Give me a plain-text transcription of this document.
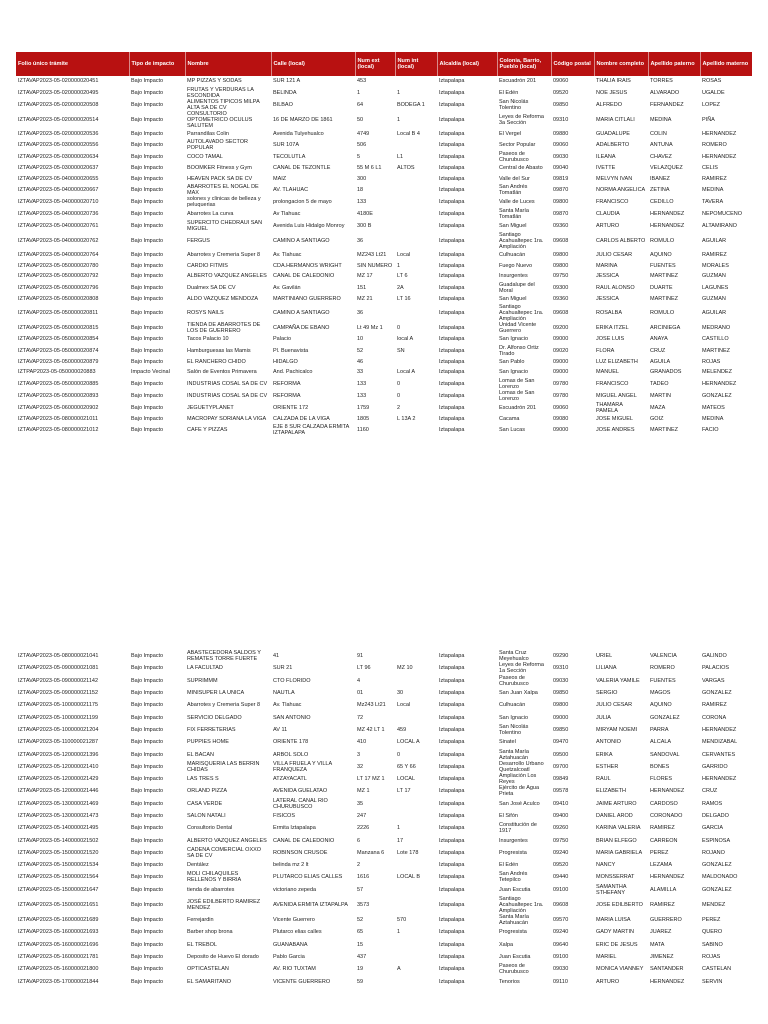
Folio único trámite	Tipo de impacto	Nombre	Calle (local)	Num ext (local)	Num int (local)	Alcaldía (local)	Colonia, Barrio, Pueblo (local)	Código postal	Nombre completo	Apellido paterno	Apellido materno
IZTAVAP2023-05-020000020451	Bajo Impacto	MP PIZZAS Y SODAS	SUR 121 A	453		Iztapalapa	Escuadrón 201	09060	THALIA IRAIS	TORRES	ROSAS
IZTAVAP2023-05-020000020495	Bajo Impacto	FRUTAS Y VERDURAS LA ESCONDIDA	BELINDA	1	1	Iztapalapa	El Edén	09520	NOE JESUS	ALVARADO	UGALDE
IZTAVAP2023-05-020000020508	Bajo Impacto	ALIMENTOS TIPICOS MILPA ALTA SA DE CV	BILBAO	64	BODEGA 1	Iztapalapa	San Nicolás Tolentino	09850	ALFREDO	FERNANDEZ	LOPEZ
IZTAVAP2023-05-020000020514	Bajo Impacto	CONSULTORIO OPTOMETRICO OCULUS SALUTEM	16 DE MARZO DE 1861	50	1	Iztapalapa	Leyes de Reforma 3a Sección	09310	MARIA CITLALI	MEDINA	PIÑA
IZTAVAP2023-05-020000020536	Bajo Impacto	Parrandilas Colin	Avenida Tulyehualco	4749	Local B 4	Iztapalapa	El Vergel	09880	GUADALUPE	COLIN	HERNANDEZ
IZTAVAP2023-05-030000020556	Bajo Impacto	AUTOLAVADO SECTOR POPULAR	SUR 107A	506		Iztapalapa	Sector Popular	09060	ADALBERTO	ANTUNA	ROMERO
IZTAVAP2023-05-030000020634	Bajo Impacto	COCO TAMAL	TECOLUTLA	5	L1	Iztapalapa	Paseos de Churubusco	09030	ILEANA	CHAVEZ	HERNANDEZ
IZTAVAP2023-05-030000020637	Bajo Impacto	BOOMKER Fitness y Gym	CANAL DE TEZONTLE	55 M 6 L1	ALTOS	Iztapalapa	Central de Abasto	09040	IVETTE	VELAZQUEZ	CELIS
IZTAVAP2023-05-040000020655	Bajo Impacto	HEAVEN PACK SA DE CV	MAIZ	300		Iztapalapa	Valle del Sur	09819	MELVYN IVAN	IBANEZ	RAMIREZ
IZTAVAP2023-05-040000020667	Bajo Impacto	ABARROTES EL NOGAL DE MAX	AV. TLAHUAC	18		Iztapalapa	San Andrés Tomatlán	09870	NORMA ANGELICA	ZETINA	MEDINA
IZTAVAP2023-05-040000020710	Bajo Impacto	solones y clinicas de belleza y peluquerias	prolongacion 5 de mayo	133		Iztapalapa	Valle de Luces	09800	FRANCISCO	CEDILLO	TAVERA
IZTAVAP2023-05-040000020736	Bajo Impacto	Abarrotes La curva	Av Tlahuac	4180E		Iztapalapa	Santa María Tomatlán	09870	CLAUDIA	HERNANDEZ	NEPOMUCENO
IZTAVAP2023-05-040000020761	Bajo Impacto	SUPERCITO CHEDRAUI SAN MIGUEL	Avenida Luis Hidalgo Monroy	300 B		Iztapalapa	San Miguel	09360	ARTURO	HERNANDEZ	ALTAMIRANO
IZTAVAP2023-05-040000020762	Bajo Impacto	FERGUS	CAMINO A SANTIAGO	36		Iztapalapa	Santiago Acahualtepec 1ra. Ampliación	09608	CARLOS ALBERTO	ROMULO	AGUILAR
IZTAVAP2023-05-040000020764	Bajo Impacto	Abarrotes y Cremeria Super 8	Av. Tlahuac	MZ243 Lt21	Local	Iztapalapa	Culhuacán	09800	JULIO CESAR	AQUINO	RAMIREZ
IZTAVAP2023-05-050000020780	Bajo Impacto	CARDIO FITMIS	CDA.HERMANOS WRIGHT	SIN NUMERO	1	Iztapalapa	Fuego Nuevo	09800	MARINA	FUENTES	MORALES
IZTAVAP2023-05-050000020792	Bajo Impacto	ALBERTO VAZQUEZ ANGELES	CANAL DE CALEDONIO	MZ 17	LT 6	Iztapalapa	Insurgentes	09750	JESSICA	MARTINEZ	GUZMAN
IZTAVAP2023-05-050000020796	Bajo Impacto	Dualmex SA DE CV	Av. Gavilán	151	2A	Iztapalapa	Guadalupe del Moral	09300	RAUL ALONSO	DUARTE	LAGUNES
IZTAVAP2023-05-050000020808	Bajo Impacto	ALDO VAZQUEZ MENDOZA	MARTINIANO GUERRERO	MZ 21	LT 16	Iztapalapa	San Miguel	09360	JESSICA	MARTINEZ	GUZMAN
IZTAVAP2023-05-050000020811	Bajo Impacto	ROSYS NAILS	CAMINO A SANTIAGO	36		Iztapalapa	Santiago Acahualtepec 1ra. Ampliación	09608	ROSALBA	ROMULO	AGUILAR
IZTAVAP2023-05-050000020815	Bajo Impacto	TIENDA DE ABARROTES DE LOS DE GUERRERO	CAMPAÑA DE EBANO	Lt 49 Mz 1	0	Iztapalapa	Unidad Vicente Guerrero	09200	ERIKA ITZEL	ARCINIEGA	MEDRANO
IZTAVAP2023-05-050000020854	Bajo Impacto	Tacos Palacio 10	Palacio	10	local A	Iztapalapa	San Ignacio	09000	JOSE LUIS	ANAYA	CASTILLO
IZTAVAP2023-05-050000020874	Bajo Impacto	Hamburguesas las Mamis	Pl. Buenavista	52	SN	Iztapalapa	Dr. Alfonso Ortiz Tirado	09020	FLORA	CRUZ	MARTINEZ
IZTAVAP2023-05-050000020879	Bajo Impacto	EL RANCHERO CHIDO	HIDALGO	46		Iztapalapa	San Pablo	09000	LUZ ELIZABETH	AGUILA	ROJAS
IZTPAP2023-05-050000020883	Impacto Vecinal	Salón de Eventos Primavera	And. Pachicalco	33	Local A	Iztapalapa	San Ignacio	09000	MANUEL	GRANADOS	MELENDEZ
IZTAVAP2023-05-050000020885	Bajo Impacto	INDUSTRIAS COSAL SA DE CV	REFORMA	133	0	Iztapalapa	Lomas de San Lorenzo	09780	FRANCISCO	TADEO	HERNANDEZ
IZTAVAP2023-05-050000020893	Bajo Impacto	INDUSTRIAS COSAL SA DE CV	REFORMA	133	0	Iztapalapa	Lomas de San Lorenzo	09780	MIGUEL ANGEL	MARTIN	GONZALEZ
IZTAVAP2023-05-060000020902	Bajo Impacto	JEGUETYPLANET	ORIENTE 172	1759	2	Iztapalapa	Escuadrón 201	09060	THAMARA PAMELA	MAZA	MATEOS
IZTAVAP2023-05-080000021011	Bajo Impacto	MACROPAY SORIANA LA VIGA	CALZADA DE LA VIGA	1805	L 13A 2	Iztapalapa	Cacama	09080	JOSE MIGUEL	GOIZ	MEDINA
IZTAVAP2023-05-080000021012	Bajo Impacto	CAFE Y PIZZAS	EJE 8 SUR CALZADA ERMITA IZTAPALAPA	1160		Iztapalapa	San Lucas	09000	JOSE ANDRES	MARTINEZ	FACIO
IZTAVAP2023-05-080000021041	Bajo Impacto	ABASTECEDORA SALDOS Y REMATES TORRE FUERTE	41	91		Iztapalapa	Santa Cruz Meyehualco	09290	URIEL	VALENCIA	GALINDO
IZTAVAP2023-05-090000021081	Bajo Impacto	LA FACULTAD	SUR 21	LT 96	MZ 10	Iztapalapa	Leyes de Reforma 1a Sección	09310	LILIANA	ROMERO	PALACIOS
IZTAVAP2023-05-090000021142	Bajo Impacto	SUPRIMMM	CTO FLORIDO	4		Iztapalapa	Paseos de Churubusco	09030	VALERIA YAMILE	FUENTES	VARGAS
IZTAVAP2023-05-090000021152	Bajo Impacto	MINISUPER LA UNICA	NAUTLA	01	30	Iztapalapa	San Juan Xalpa	09850	SERGIO	MAGOS	GONZALEZ
IZTAVAP2023-05-100000021175	Bajo Impacto	Abarrotes y Cremeria Super 8	Av. Tlahuac	Mz243 Lt21	Local	Iztapalapa	Culhuacán	09800	JULIO CESAR	AQUINO	RAMIREZ
IZTAVAP2023-05-100000021199	Bajo Impacto	SERVICIO DELGADO	SAN ANTONIO	72		Iztapalapa	San Ignacio	09000	JULIA	GONZALEZ	CORONA
IZTAVAP2023-05-100000021204	Bajo Impacto	FIX FERRETERIAS	AV 11	MZ 42 LT 1	459	Iztapalapa	San Nicolás Tolentino	09850	MIRYAM NOEMI	PARRA	HERNANDEZ
IZTAVAP2023-05-110000021287	Bajo Impacto	PUPPIES HOME	ORIENTE 178	410	LOCAL A	Iztapalapa	Sinatel	09470	ANTONIO	ALCALA	MENDIZABAL
IZTAVAP2023-05-120000021396	Bajo Impacto	EL BACAN	ARBOL SOLO	3	0	Iztapalapa	Santa María Aztahuacán	09500	ERIKA	SANDOVAL	CERVANTES
IZTAVAP2023-05-120000021410	Bajo Impacto	MARISQUERIA LAS BERRIN CHIDAS	VILLA FRUELA Y VILLA FRANQUEZA	32	65 Y 66	Iztapalapa	Desarrollo Urbano Quetzalcoatl	09700	ESTHER	BONES	GARRIDO
IZTAVAP2023-05-120000021429	Bajo Impacto	LAS TRES S	ATZAYACATL	LT 17 MZ 1	LOCAL	Iztapalapa	Ampliación Los Reyes	09849	RAUL	FLORES	HERNANDEZ
IZTAVAP2023-05-120000021446	Bajo Impacto	ORLAND PIZZA	AVENIDA GUELATAO	MZ 1	LT 17	Iztapalapa	Ejército de Agua Prieta	09578	ELIZABETH	HERNANDEZ	CRUZ
IZTAVAP2023-05-130000021469	Bajo Impacto	CASA VERDE	LATERAL CANAL RIO CHURUBUSCO	35		Iztapalapa	San José Aculco	09410	JAIME ARTURO	CARDOSO	RAMOS
IZTAVAP2023-05-130000021473	Bajo Impacto	SALON NATALI	FISICOS	247		Iztapalapa	El Sifón	09400	DANIEL AROD	CORONADO	DELGADO
IZTAVAP2023-05-140000021495	Bajo Impacto	Consultorio Dental	Ermita Iztapalapa	2226	1	Iztapalapa	Constitución de 1917	09260	KARINA VALERIA	RAMIREZ	GARCIA
IZTAVAP2023-05-140000021502	Bajo Impacto	ALBERTO VAZQUEZ ANGELES	CANAL DE CALEDONIO	6	17	Iztapalapa	Insurgentes	09750	BRIAN ELFEGO	CARREON	ESPINOSA
IZTAVAP2023-05-150000021520	Bajo Impacto	CADENA COMERCIAL OXXO SA DE CV	ROBINSON CRUSOE	Manzana 6	Lote 178	Iztapalapa	Progresista	09240	MARIA GABRIELA	PEREZ	ROJANO
IZTAVAP2023-05-150000021534	Bajo Impacto	Dentález	belinda mz 2 lt	2		Iztapalapa	El Edén	09520	NANCY	LEZAMA	GONZALEZ
IZTAVAP2023-05-150000021564	Bajo Impacto	MOLI CHILAQUILES RELLENOS Y BIRRIA	PLUTARCO ELIAS CALLES	1616	LOCAL B	Iztapalapa	San Andrés Tetepilco	09440	MONSSERRAT	HERNANDEZ	MALDONADO
IZTAVAP2023-05-150000021647	Bajo Impacto	tienda de abarrotes	victoriano zepeda	57		Iztapalapa	Juan Escutia	09100	SAMANTHA STHEFANY	ALAMILLA	GONZALEZ
IZTAVAP2023-05-150000021651	Bajo Impacto	JOSÉ EDILBERTO RAMIREZ MENDEZ	AVENIDA ERMITA IZTAPALPA	3573		Iztapalapa	Santiago Acahualtepec 1ra. Ampliación	09608	JOSE EDILBERTO	RAMIREZ	MENDEZ
IZTAVAP2023-05-160000021689	Bajo Impacto	Ferrejardin	Vicente Guerrero	52	570	Iztapalapa	Santa María Aztahuacán	09570	MARIA LUISA	GUERRERO	PEREZ
IZTAVAP2023-05-160000021693	Bajo Impacto	Barber shop brona	Plutarco elias calles	65	1	Iztapalapa	Progresista	09240	GADY MARTIN	JUAREZ	QUERO
IZTAVAP2023-05-160000021696	Bajo Impacto	EL TREBOL	GUANABANA	15		Iztapalapa	Xalpa	09640	ERIC DE JESUS	MATA	SABINO
IZTAVAP2023-05-160000021781	Bajo Impacto	Deposito de Huevo El dorado	Pablo Garcia	437		Iztapalapa	Juan Escutia	09100	MARIEL	JIMENEZ	ROJAS
IZTAVAP2023-05-160000021800	Bajo Impacto	OPTICASTELAN	AV. RIO TUXTAM	19	A	Iztapalapa	Paseos de Churubusco	09030	MONICA VIANNEY	SANTANDER	CASTELAN
IZTAVAP2023-05-170000021844	Bajo Impacto	EL SAMARITANO	VICENTE GUERRERO	59		Iztapalapa	Tenorios	09110	ARTURO	HERNANDEZ	SERVIN
